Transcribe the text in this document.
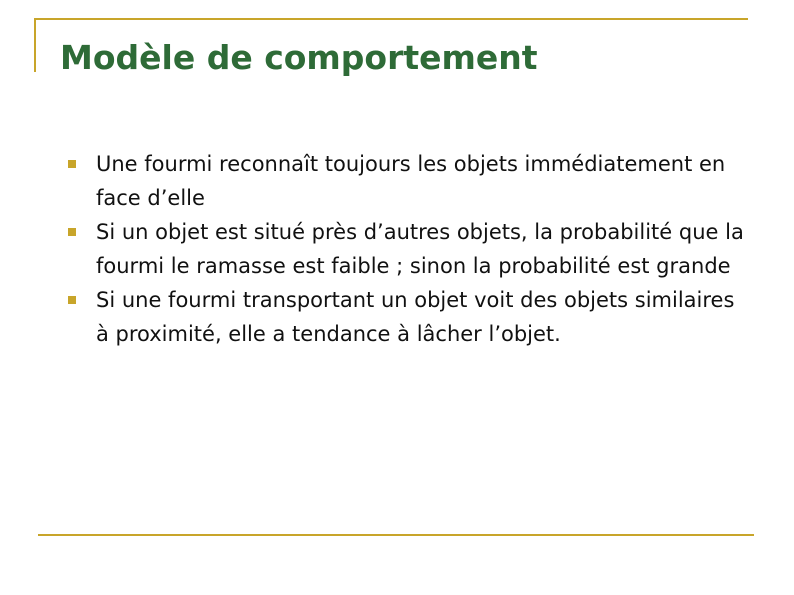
Modèle de comportement
Une fourmi reconnaît toujours les objets immédiatement en face d’elle
Si un objet est situé près d’autres objets, la probabilité que la fourmi le ramasse est faible ; sinon la probabilité est grande
Si une fourmi transportant un objet voit des objets similaires à proximité, elle a tendance à lâcher l’objet.
